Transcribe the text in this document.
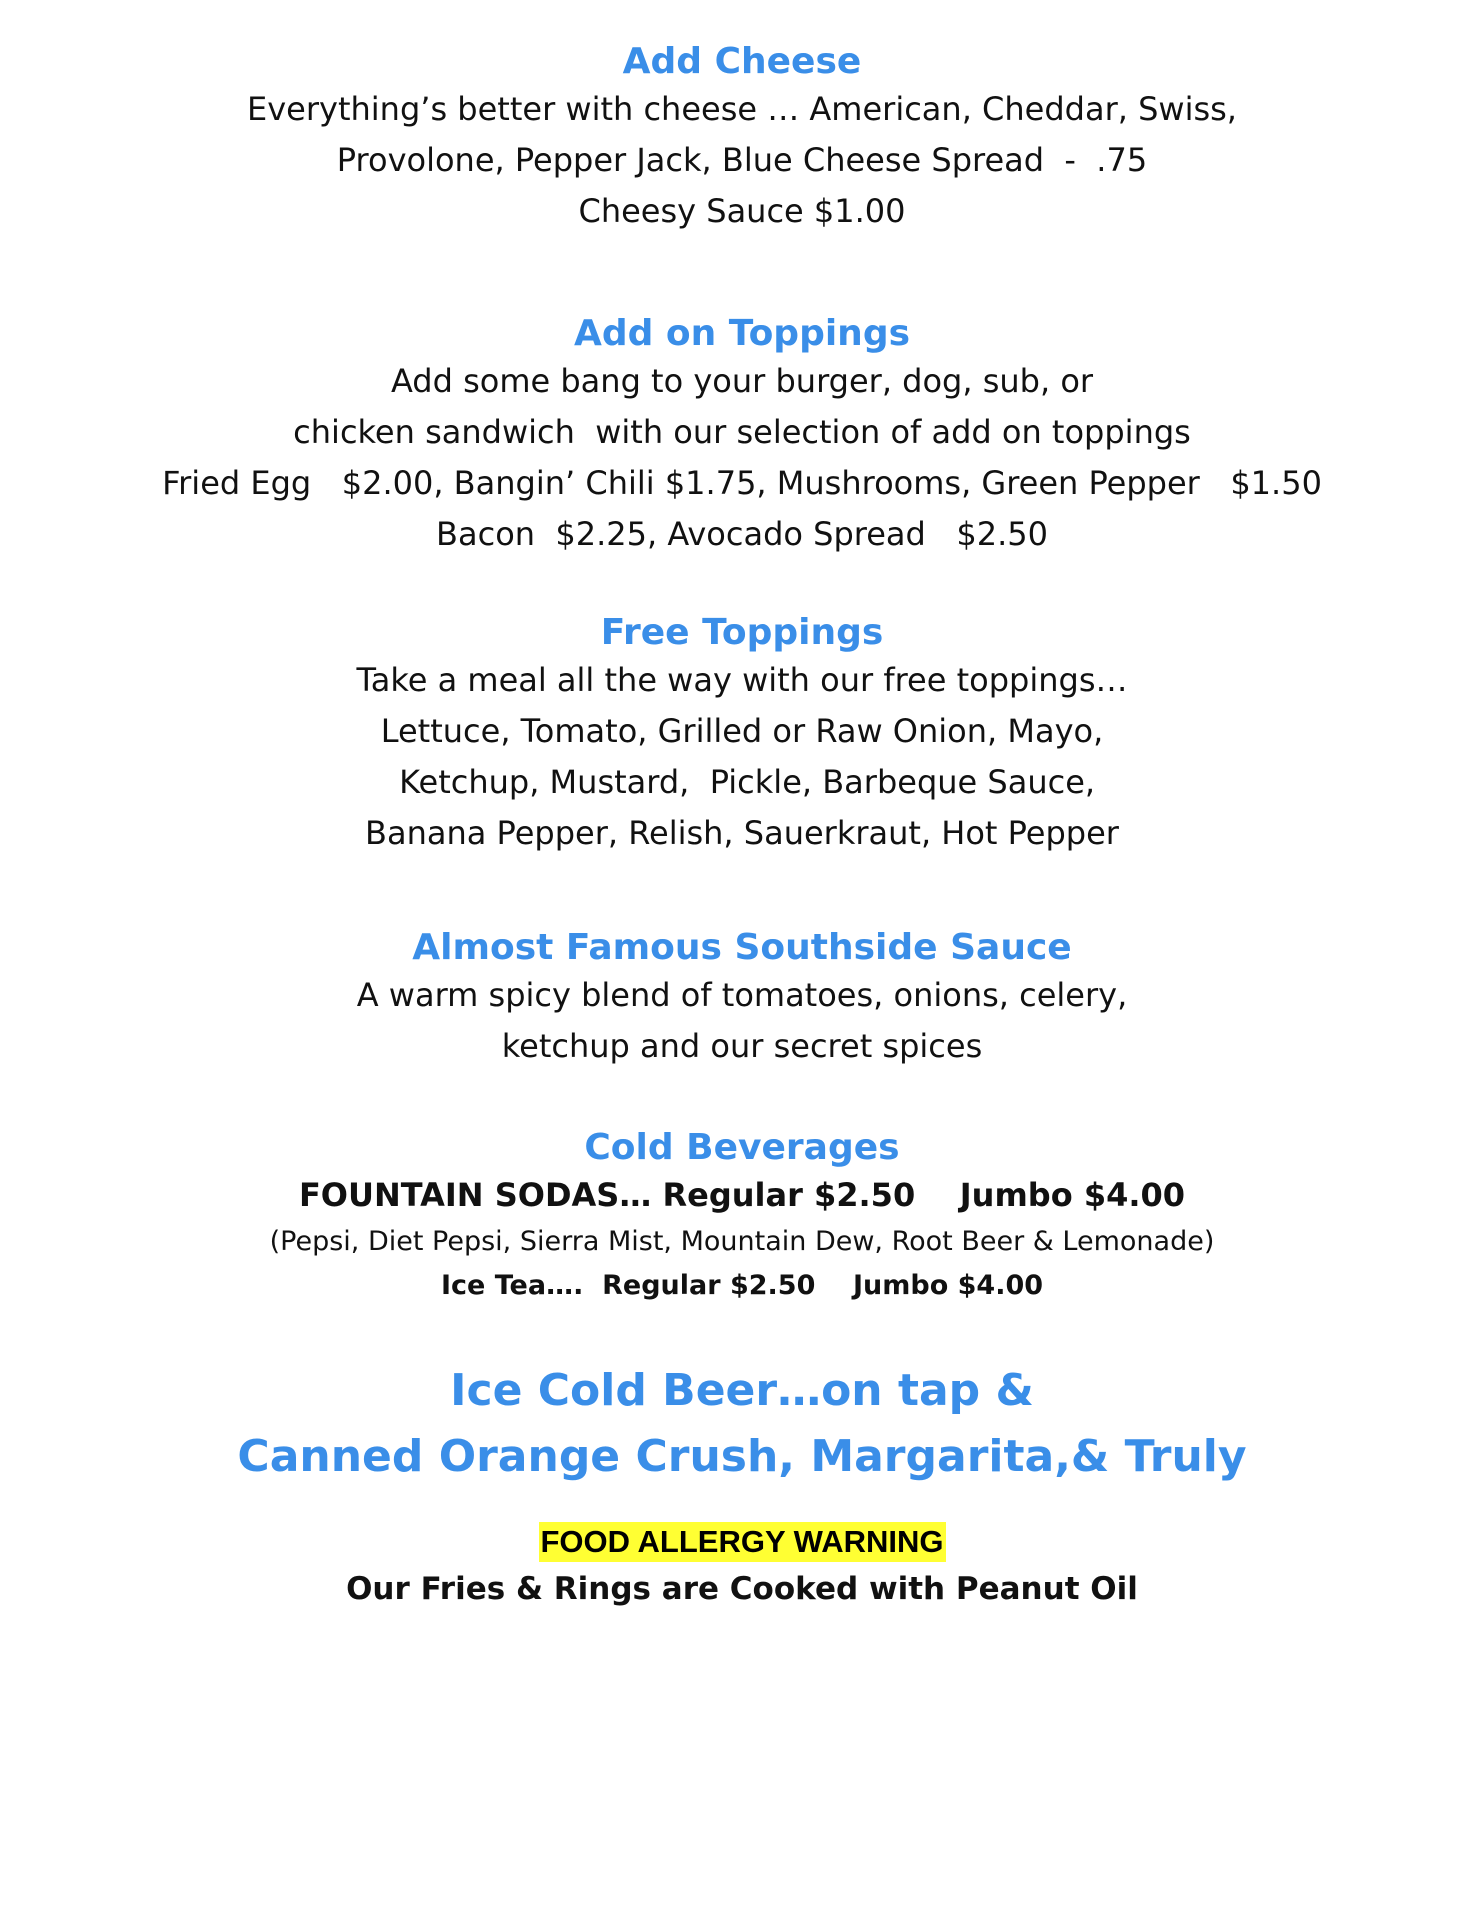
Add Cheese

Everything’s better with cheese … American, Cheddar, Swiss,

Provolone, Pepper Jack, Blue Cheese Spread  -  .75

Cheesy Sauce $1.00

Add on Toppings

Add some bang to your burger, dog, sub, or

chicken sandwich  with our selection of add on toppings

Fried Egg   $2.00, Bangin’ Chili $1.75, Mushrooms, Green Pepper   $1.50

Bacon  $2.25, Avocado Spread   $2.50

Free Toppings

Take a meal all the way with our free toppings…

Lettuce, Tomato, Grilled or Raw Onion, Mayo,

Ketchup, Mustard,  Pickle, Barbeque Sauce,

Banana Pepper, Relish, Sauerkraut, Hot Pepper

Almost Famous Southside Sauce

A warm spicy blend of tomatoes, onions, celery,

ketchup and our secret spices

Cold Beverages

FOUNTAIN SODAS… Regular $2.50    Jumbo $4.00

(Pepsi, Diet Pepsi, Sierra Mist, Mountain Dew, Root Beer & Lemonade)

Ice Tea….  Regular $2.50    Jumbo $4.00

Ice Cold Beer…on tap &

Canned Orange Crush, Margarita,& Truly

FOOD ALLERGY WARNING

Our Fries & Rings are Cooked with Peanut Oil
